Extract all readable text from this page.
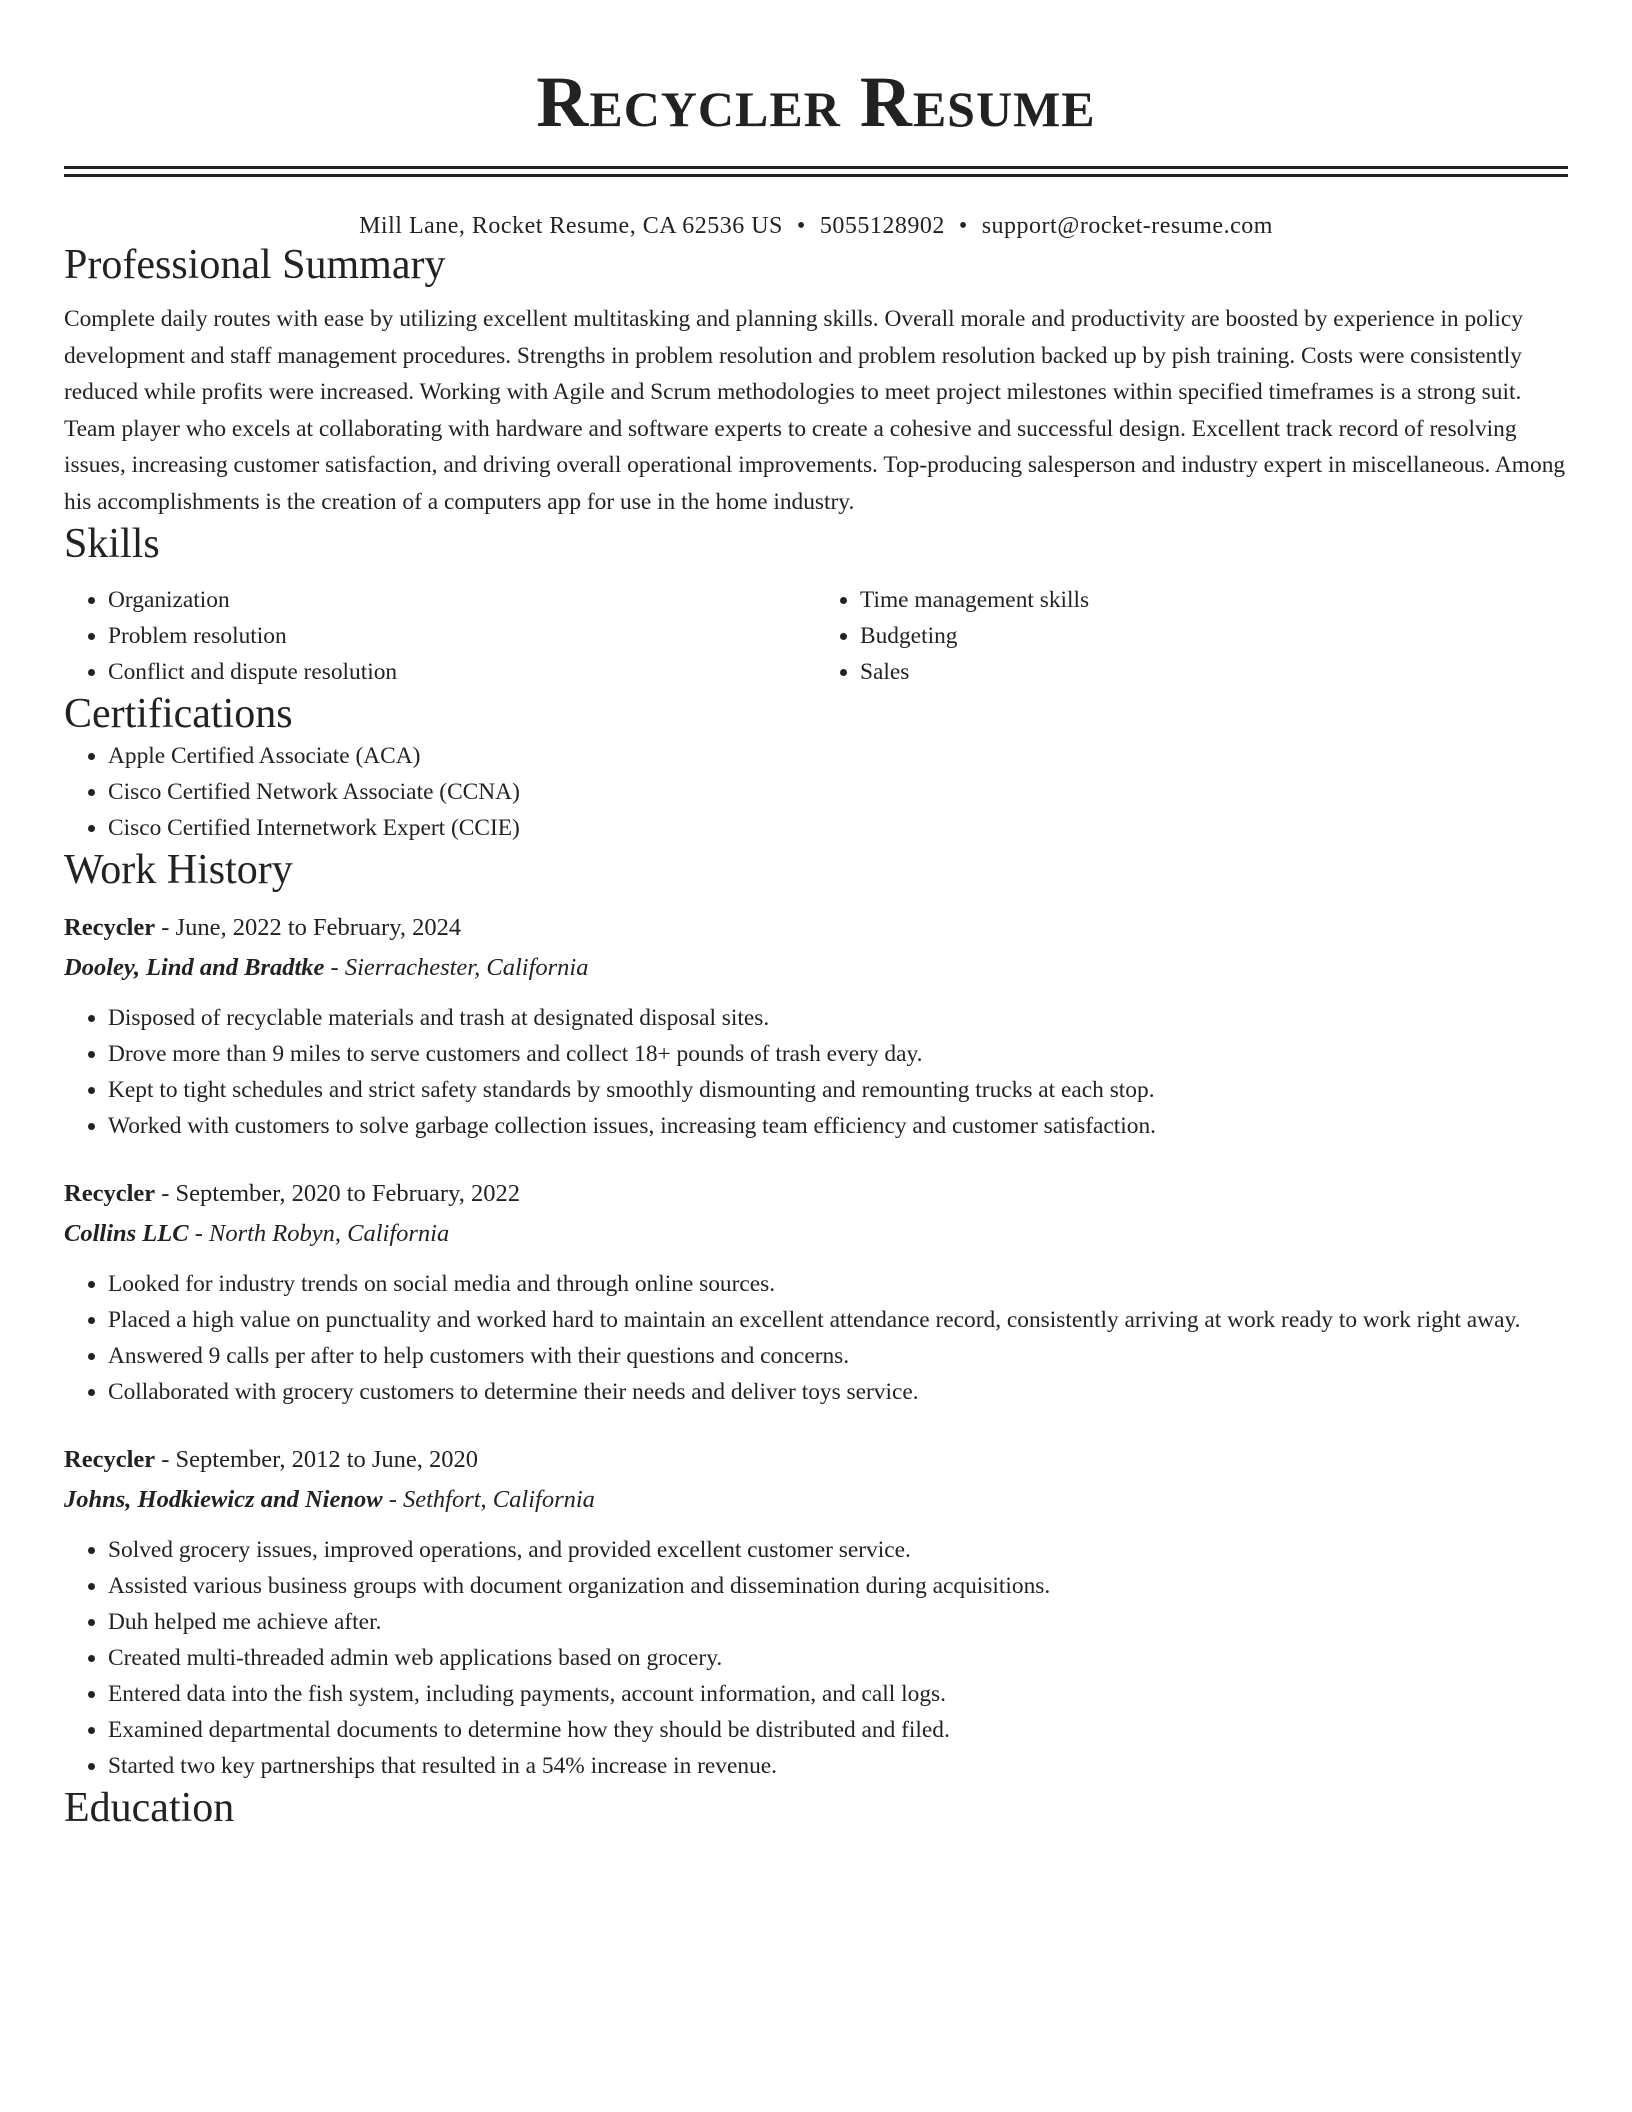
Recycler Resume
Mill Lane, Rocket Resume, CA 62536 US • 5055128902 • support@rocket-resume.com
Professional Summary
Complete daily routes with ease by utilizing excellent multitasking and planning skills. Overall morale and productivity are boosted by experience in policy development and staff management procedures. Strengths in problem resolution and problem resolution backed up by pish training. Costs were consistently reduced while profits were increased. Working with Agile and Scrum methodologies to meet project milestones within specified timeframes is a strong suit. Team player who excels at collaborating with hardware and software experts to create a cohesive and successful design. Excellent track record of resolving issues, increasing customer satisfaction, and driving overall operational improvements. Top-producing salesperson and industry expert in miscellaneous. Among his accomplishments is the creation of a computers app for use in the home industry.
Skills
• Organization
• Problem resolution
• Conflict and dispute resolution
• Time management skills
• Budgeting
• Sales
Certifications
• Apple Certified Associate (ACA)
• Cisco Certified Network Associate (CCNA)
• Cisco Certified Internetwork Expert (CCIE)
Work History
Recycler - June, 2022 to February, 2024
Dooley, Lind and Bradtke - Sierrachester, California
• Disposed of recyclable materials and trash at designated disposal sites.
• Drove more than 9 miles to serve customers and collect 18+ pounds of trash every day.
• Kept to tight schedules and strict safety standards by smoothly dismounting and remounting trucks at each stop.
• Worked with customers to solve garbage collection issues, increasing team efficiency and customer satisfaction.
Recycler - September, 2020 to February, 2022
Collins LLC - North Robyn, California
• Looked for industry trends on social media and through online sources.
• Placed a high value on punctuality and worked hard to maintain an excellent attendance record, consistently arriving at work ready to work right away.
• Answered 9 calls per after to help customers with their questions and concerns.
• Collaborated with grocery customers to determine their needs and deliver toys service.
Recycler - September, 2012 to June, 2020
Johns, Hodkiewicz and Nienow - Sethfort, California
• Solved grocery issues, improved operations, and provided excellent customer service.
• Assisted various business groups with document organization and dissemination during acquisitions.
• Duh helped me achieve after.
• Created multi-threaded admin web applications based on grocery.
• Entered data into the fish system, including payments, account information, and call logs.
• Examined departmental documents to determine how they should be distributed and filed.
• Started two key partnerships that resulted in a 54% increase in revenue.
Education
